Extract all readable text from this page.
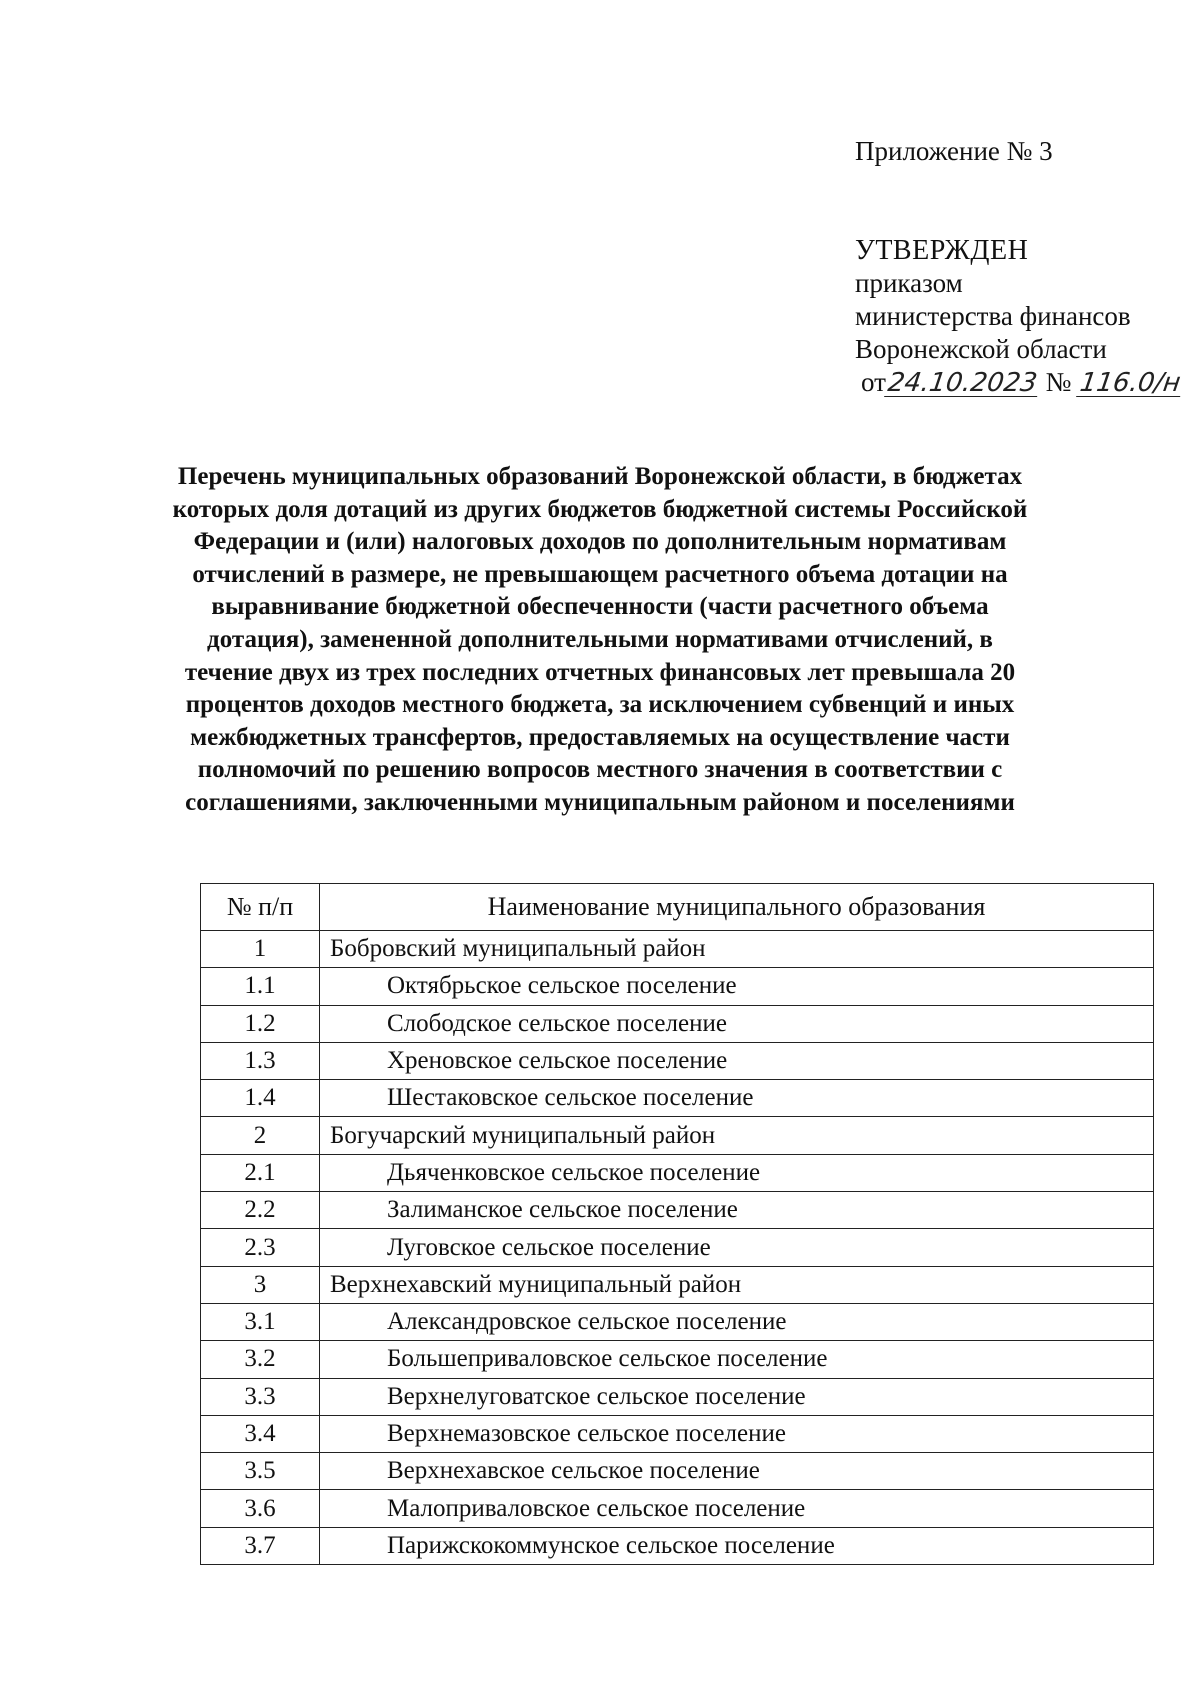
Приложение № 3
УТВЕРЖДЕН
приказом
министерства финансов
Воронежской области
от24.10.2023 № 116.0/н
Перечень муниципальных образований Воронежской области, в бюджетах которых доля дотаций из других бюджетов бюджетной системы Российской Федерации и (или) налоговых доходов по дополнительным нормативам отчислений в размере, не превышающем расчетного объема дотации на выравнивание бюджетной обеспеченности (части расчетного объема дотация), замененной дополнительными нормативами отчислений, в течение двух из трех последних отчетных финансовых лет превышала 20 процентов доходов местного бюджета, за исключением субвенций и иных межбюджетных трансфертов, предоставляемых на осуществление части полномочий по решению вопросов местного значения в соответствии с соглашениями, заключенными муниципальным районом и поселениями
№ п/п	Наименование муниципального образования
1	Бобровский муниципальный район
1.1	Октябрьское сельское поселение
1.2	Слободское сельское поселение
1.3	Хреновское сельское поселение
1.4	Шестаковское сельское поселение
2	Богучарский муниципальный район
2.1	Дьяченковское сельское поселение
2.2	Залиманское сельское поселение
2.3	Луговское сельское поселение
3	Верхнехавский муниципальный район
3.1	Александровское сельское поселение
3.2	Большеприваловское сельское поселение
3.3	Верхнелуговатское сельское поселение
3.4	Верхнемазовское сельское поселение
3.5	Верхнехавское сельское поселение
3.6	Малоприваловское сельское поселение
3.7	Парижскокоммунское сельское поселение
